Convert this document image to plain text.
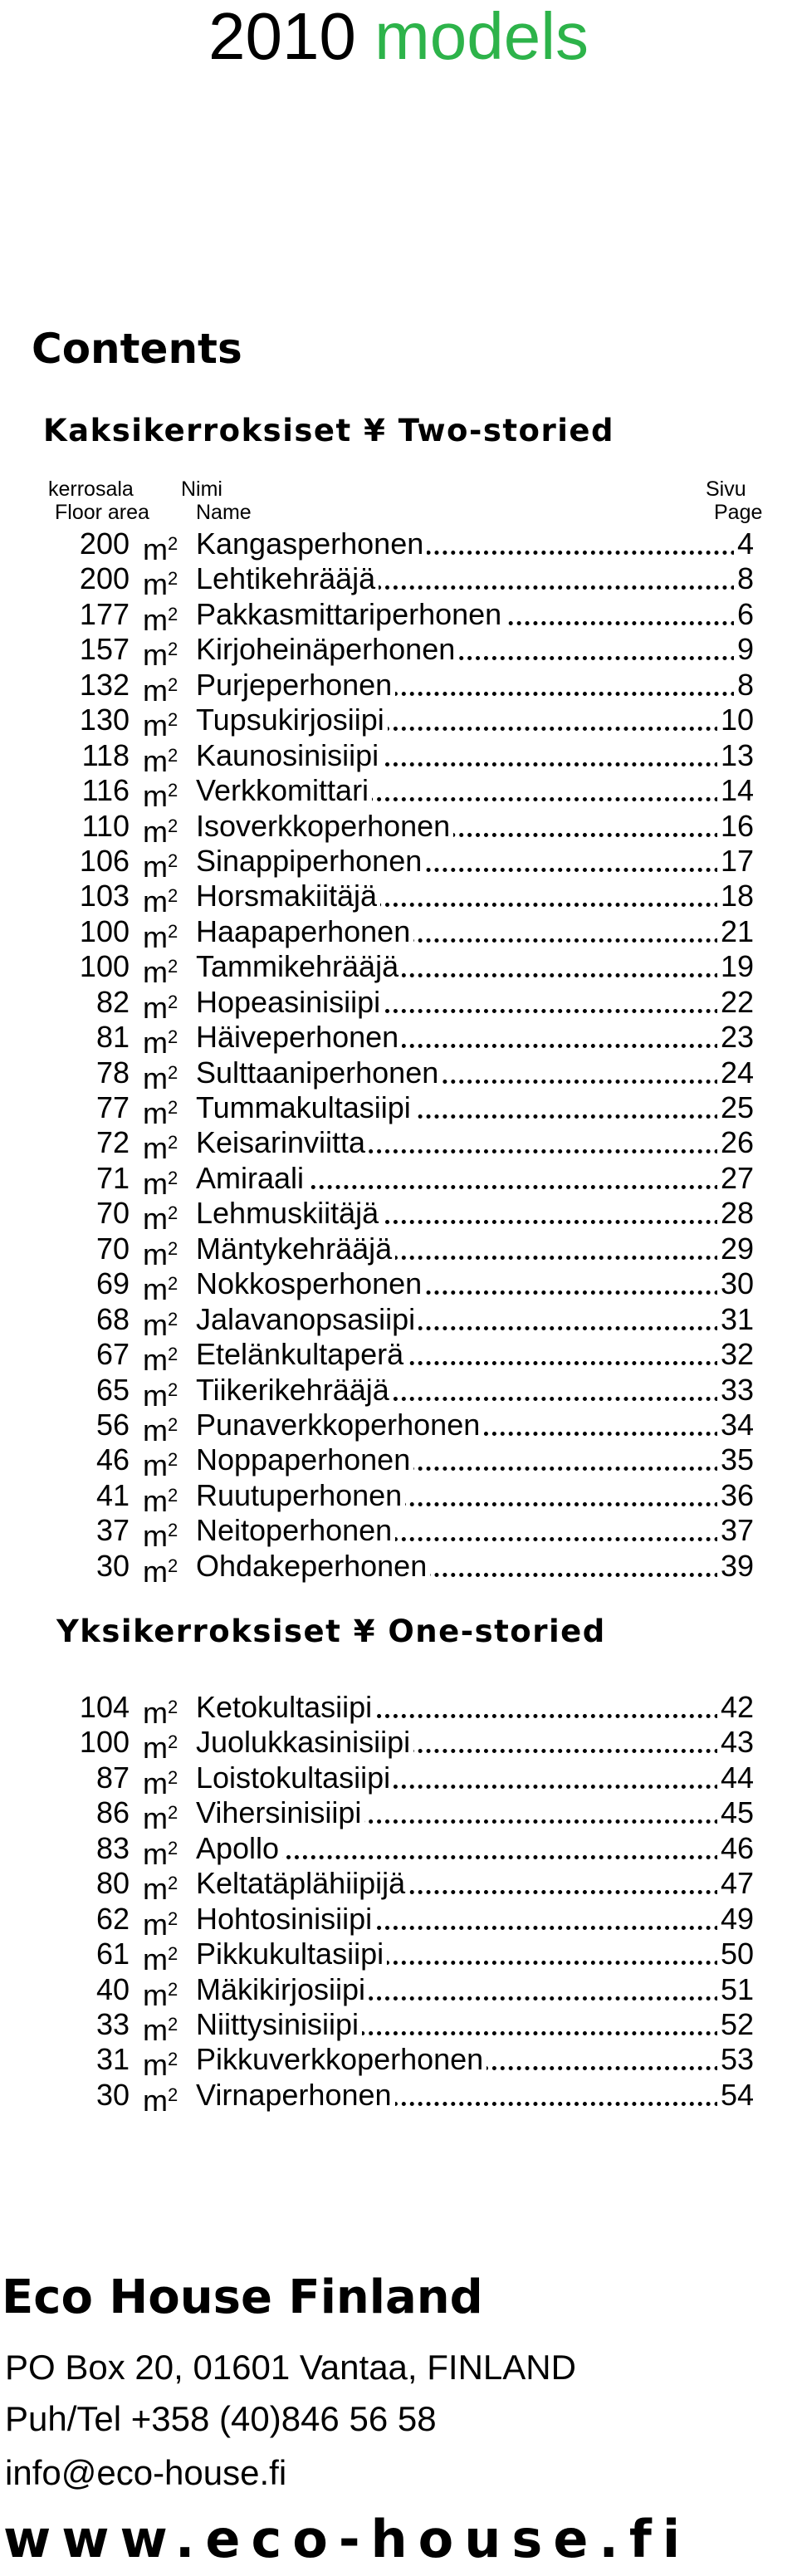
2010 models
Contents
Kaksikerroksiset ¥ Two-storied
kerrosala Nimi	Sivu
Floor area Name	Page
200 $m^2$ Kangasperhonen	4
200 $m^2$ Lehtikehrääjä	8
177 $m^2$ Pakkasmittariperhonen	6
157 $m^2$ Kirjoheinäperhonen	9
132 $m^2$ Purjeperhonen	8
130 $m^2$ Tupsukirjosiipi	10
118 $m^2$ Kaunosinisiipi	13
116 $m^2$ Verkkomittari	14
110 $m^2$ Isoverkkoperhonen	16
106 $m^2$ Sinappiperhonen	17
103 $m^2$ Horsmakiitäjä	18
100 $m^2$ Haapaperhonen	21
100 $m^2$ Tammikehrääjä	19
82 $m^2$ Hopeasinisiipi	22
81 $m^2$ Häiveperhonen	23
78 $m^2$ Sulttaaniperhonen	24
77 $m^2$ Tummakultasiipi	25
72 $m^2$ Keisarinviitta	26
71 $m^2$ Amiraali	27
70 $m^2$ Lehmuskiitäjä	28
70 $m^2$ Mäntykehrääjä	29
69 $m^2$ Nokkosperhonen	30
68 $m^2$ Jalavanopsasiipi	31
67 $m^2$ Etelänkultaperä	32
65 $m^2$ Tiikerikehrääjä	33
56 $m^2$ Punaverkkoperhonen	34
46 $m^2$ Noppaperhonen	35
41 $m^2$ Ruutuperhonen	36
37 $m^2$ Neitoperhonen	37
30 $m^2$ Ohdakeperhonen	39
Yksikerroksiset ¥ One-storied
104 $m^2$ Ketokultasiipi	42
100 $m^2$ Juolukkasinisiipi	43
87 $m^2$ Loistokultasiipi	44
86 $m^2$ Vihersinisiipi	45
83 $m^2$ Apollo	46
80 $m^2$ Keltatäplähiipijä	47
62 $m^2$ Hohtosinisiipi	49
61 $m^2$ Pikkukultasiipi	50
40 $m^2$ Mäkikirjosiipi	51
33 $m^2$ Niittysinisiipi	52
31 $m^2$ Pikkuverkkoperhonen	53
30 $m^2$ Virnaperhonen	54
Eco House Finland
PO Box 20, 01601 Vantaa, FINLAND
Puh/Tel +358 (40)846 56 58
info@eco-house.fi
www.eco-house.fi
